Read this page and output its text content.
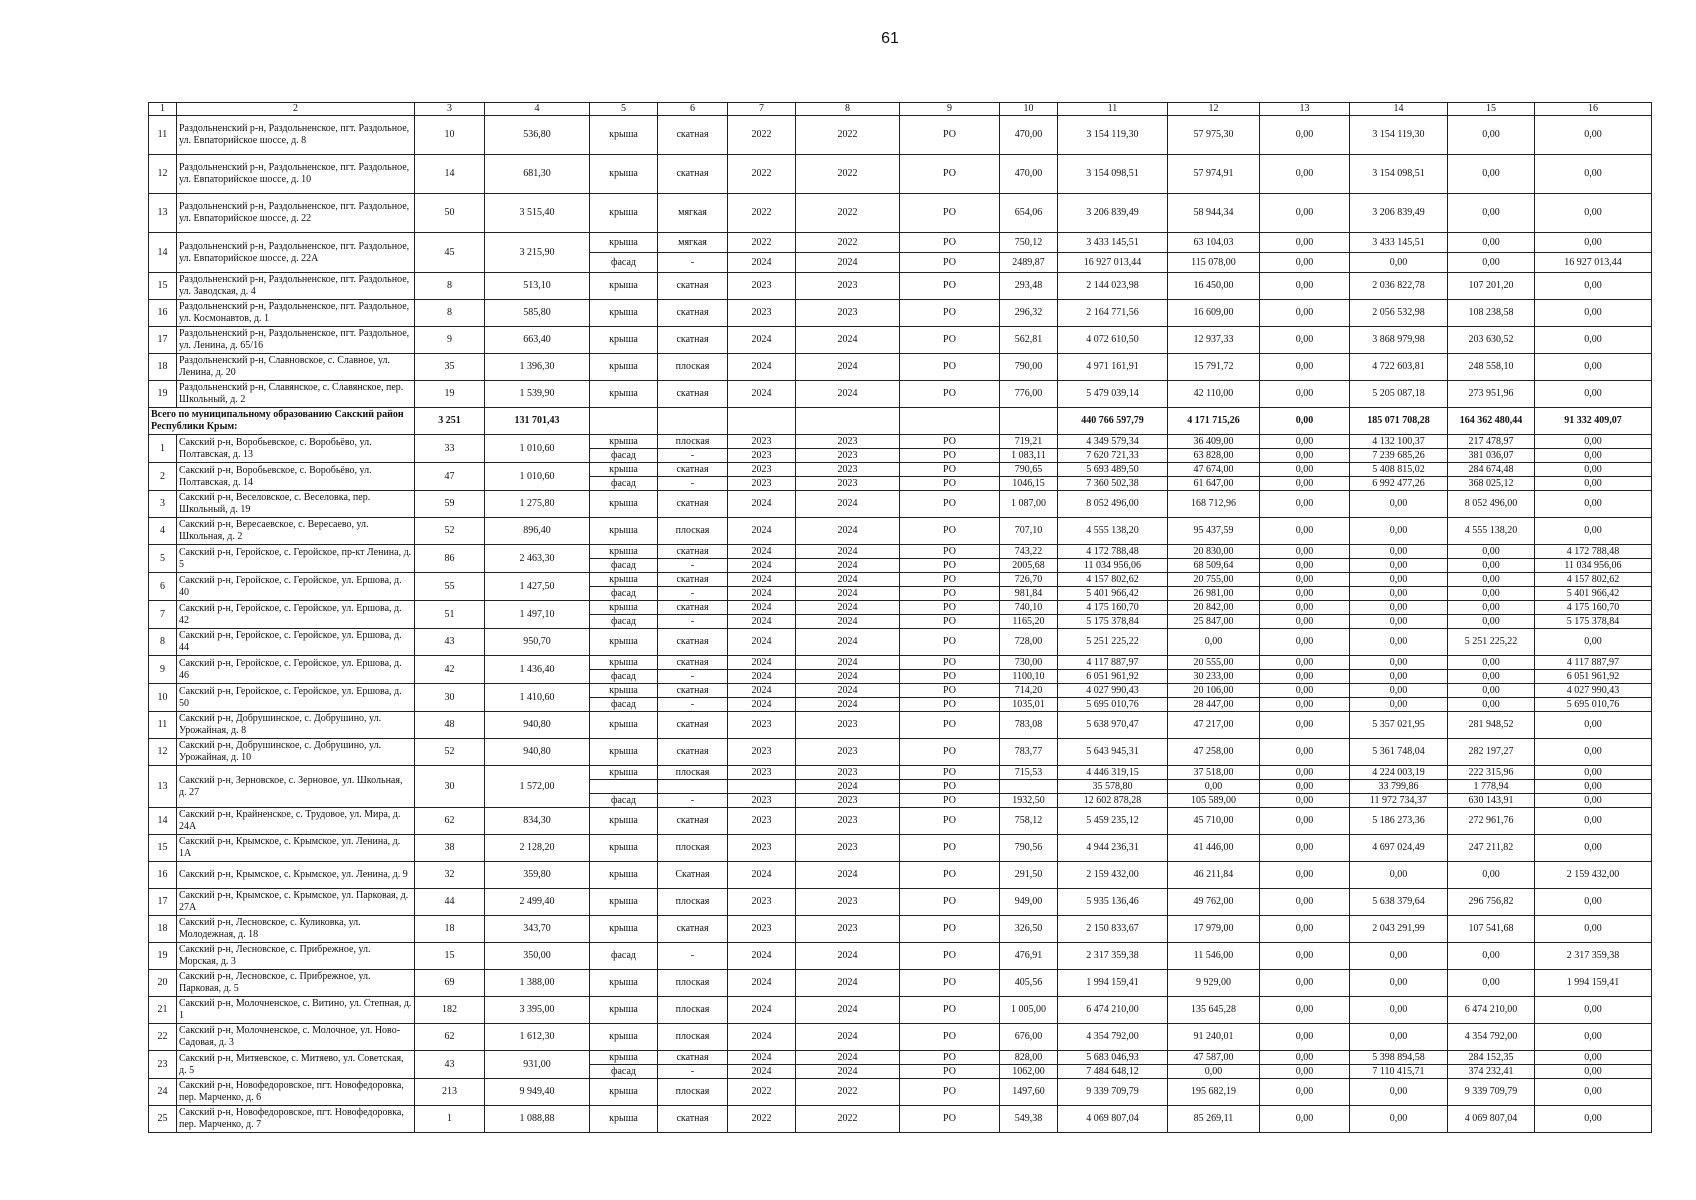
61
1	2	3	4	5	6	7	8	9	10	11	12	13	14	15	16
11	Раздольненский р-н, Раздольненское, пгт. Раздольное, ул. Евпаторийское шоссе, д. 8	10	536,80	крыша	скатная	2022	2022	РО	470,00	3 154 119,30	57 975,30	0,00	3 154 119,30	0,00	0,00
12	Раздольненский р-н, Раздольненское, пгт. Раздольное, ул. Евпаторийское шоссе, д. 10	14	681,30	крыша	скатная	2022	2022	РО	470,00	3 154 098,51	57 974,91	0,00	3 154 098,51	0,00	0,00
13	Раздольненский р-н, Раздольненское, пгт. Раздольное, ул. Евпаторийское шоссе, д. 22	50	3 515,40	крыша	мягкая	2022	2022	РО	654,06	3 206 839,49	58 944,34	0,00	3 206 839,49	0,00	0,00
14	Раздольненский р-н, Раздольненское, пгт. Раздольное, ул. Евпаторийское шоссе, д. 22А	45	3 215,90	крыша	мягкая	2022	2022	РО	750,12	3 433 145,51	63 104,03	0,00	3 433 145,51	0,00	0,00
				фасад	-	2024	2024	РО	2489,87	16 927 013,44	115 078,00	0,00	0,00	0,00	16 927 013,44
15	Раздольненский р-н, Раздольненское, пгт. Раздольное, ул. Заводская, д. 4	8	513,10	крыша	скатная	2023	2023	РО	293,48	2 144 023,98	16 450,00	0,00	2 036 822,78	107 201,20	0,00
16	Раздольненский р-н, Раздольненское, пгт. Раздольное, ул. Космонавтов, д. 1	8	585,80	крыша	скатная	2023	2023	РО	296,32	2 164 771,56	16 609,00	0,00	2 056 532,98	108 238,58	0,00
17	Раздольненский р-н, Раздольненское, пгт. Раздольное, ул. Ленина, д. 65/16	9	663,40	крыша	скатная	2024	2024	РО	562,81	4 072 610,50	12 937,33	0,00	3 868 979,98	203 630,52	0,00
18	Раздольненский р-н, Славновское, с. Славное, ул. Ленина, д. 20	35	1 396,30	крыша	плоская	2024	2024	РО	790,00	4 971 161,91	15 791,72	0,00	4 722 603,81	248 558,10	0,00
19	Раздольненский р-н, Славянское, с. Славянское, пер. Школьный, д. 2	19	1 539,90	крыша	скатная	2024	2024	РО	776,00	5 479 039,14	42 110,00	0,00	5 205 087,18	273 951,96	0,00
Всего по муниципальному образованию Сакский район Республики Крым:		3 251	131 701,43							440 766 597,79	4 171 715,26	0,00	185 071 708,28	164 362 480,44	91 332 409,07
1	Сакский р-н, Воробьевское, с. Воробьёво, ул. Полтавская, д. 13	33	1 010,60	крыша	плоская	2023	2023	РО	719,21	4 349 579,34	36 409,00	0,00	4 132 100,37	217 478,97	0,00
				фасад	-	2023	2023	РО	1 083,11	7 620 721,33	63 828,00	0,00	7 239 685,26	381 036,07	0,00
2	Сакский р-н, Воробьевское, с. Воробьёво, ул. Полтавская, д. 14	47	1 010,60	крыша	скатная	2023	2023	РО	790,65	5 693 489,50	47 674,00	0,00	5 408 815,02	284 674,48	0,00
				фасад	-	2023	2023	РО	1046,15	7 360 502,38	61 647,00	0,00	6 992 477,26	368 025,12	0,00
3	Сакский р-н, Веселовское, с. Веселовка, пер. Школьный, д. 19	59	1 275,80	крыша	скатная	2024	2024	РО	1 087,00	8 052 496,00	168 712,96	0,00	0,00	8 052 496,00	0,00
4	Сакский р-н, Вересаевское, с. Вересаево, ул. Школьная, д. 2	52	896,40	крыша	плоская	2024	2024	РО	707,10	4 555 138,20	95 437,59	0,00	0,00	4 555 138,20	0,00
5	Сакский р-н, Геройское, с. Геройское, пр-кт Ленина, д. 5	86	2 463,30	крыша	скатная	2024	2024	РО	743,22	4 172 788,48	20 830,00	0,00	0,00	0,00	4 172 788,48
				фасад	-	2024	2024	РО	2005,68	11 034 956,06	68 509,64	0,00	0,00	0,00	11 034 956,06
6	Сакский р-н, Геройское, с. Геройское, ул. Ершова, д. 40	55	1 427,50	крыша	скатная	2024	2024	РО	726,70	4 157 802,62	20 755,00	0,00	0,00	0,00	4 157 802,62
				фасад	-	2024	2024	РО	981,84	5 401 966,42	26 981,00	0,00	0,00	0,00	5 401 966,42
7	Сакский р-н, Геройское, с. Геройское, ул. Ершова, д. 42	51	1 497,10	крыша	скатная	2024	2024	РО	740,10	4 175 160,70	20 842,00	0,00	0,00	0,00	4 175 160,70
				фасад	-	2024	2024	РО	1165,20	5 175 378,84	25 847,00	0,00	0,00	0,00	5 175 378,84
8	Сакский р-н, Геройское, с. Геройское, ул. Ершова, д. 44	43	950,70	крыша	скатная	2024	2024	РО	728,00	5 251 225,22	0,00	0,00	0,00	5 251 225,22	0,00
9	Сакский р-н, Геройское, с. Геройское, ул. Ершова, д. 46	42	1 436,40	крыша	скатная	2024	2024	РО	730,00	4 117 887,97	20 555,00	0,00	0,00	0,00	4 117 887,97
				фасад	-	2024	2024	РО	1100,10	6 051 961,92	30 233,00	0,00	0,00	0,00	6 051 961,92
10	Сакский р-н, Геройское, с. Геройское, ул. Ершова, д. 50	30	1 410,60	крыша	скатная	2024	2024	РО	714,20	4 027 990,43	20 106,00	0,00	0,00	0,00	4 027 990,43
				фасад	-	2024	2024	РО	1035,01	5 695 010,76	28 447,00	0,00	0,00	0,00	5 695 010,76
11	Сакский р-н, Добрушинское, с. Добрушино, ул. Урожайная, д. 8	48	940,80	крыша	скатная	2023	2023	РО	783,08	5 638 970,47	47 217,00	0,00	5 357 021,95	281 948,52	0,00
12	Сакский р-н, Добрушинское, с. Добрушино, ул. Урожайная, д. 10	52	940,80	крыша	скатная	2023	2023	РО	783,77	5 643 945,31	47 258,00	0,00	5 361 748,04	282 197,27	0,00
13	Сакский р-н, Зерновское, с. Зерновое, ул. Школьная, д. 27	30	1 572,00	крыша	плоская	2023	2023	РО	715,53	4 446 319,15	37 518,00	0,00	4 224 003,19	222 315,96	0,00
							2024	РО		35 578,80	0,00	0,00	33 799,86	1 778,94	0,00
				фасад	-	2023	2023	РО	1932,50	12 602 878,28	105 589,00	0,00	11 972 734,37	630 143,91	0,00
14	Сакский р-н, Крайненское, с. Трудовое, ул. Мира, д. 24А	62	834,30	крыша	скатная	2023	2023	РО	758,12	5 459 235,12	45 710,00	0,00	5 186 273,36	272 961,76	0,00
15	Сакский р-н, Крымское, с. Крымское, ул. Ленина, д. 1А	38	2 128,20	крыша	плоская	2023	2023	РО	790,56	4 944 236,31	41 446,00	0,00	4 697 024,49	247 211,82	0,00
16	Сакский р-н, Крымское, с. Крымское, ул. Ленина, д. 9	32	359,80	крыша	Скатная	2024	2024	РО	291,50	2 159 432,00	46 211,84	0,00	0,00	0,00	2 159 432,00
17	Сакский р-н, Крымское, с. Крымское, ул. Парковая, д. 27А	44	2 499,40	крыша	плоская	2023	2023	РО	949,00	5 935 136,46	49 762,00	0,00	5 638 379,64	296 756,82	0,00
18	Сакский р-н, Лесновское, с. Куликовка, ул. Молодежная, д. 18	18	343,70	крыша	скатная	2023	2023	РО	326,50	2 150 833,67	17 979,00	0,00	2 043 291,99	107 541,68	0,00
19	Сакский р-н, Лесновское, с. Прибрежное, ул. Морская, д. 3	15	350,00	фасад	-	2024	2024	РО	476,91	2 317 359,38	11 546,00	0,00	0,00	0,00	2 317 359,38
20	Сакский р-н, Лесновское, с. Прибрежное, ул. Парковая, д. 5	69	1 388,00	крыша	плоская	2024	2024	РО	405,56	1 994 159,41	9 929,00	0,00	0,00	0,00	1 994 159,41
21	Сакский р-н, Молочненское, с. Витино, ул. Степная, д. 1	182	3 395,00	крыша	плоская	2024	2024	РО	1 005,00	6 474 210,00	135 645,28	0,00	0,00	6 474 210,00	0,00
22	Сакский р-н, Молочненское, с. Молочное, ул. Ново-Садовая, д. 3	62	1 612,30	крыша	плоская	2024	2024	РО	676,00	4 354 792,00	91 240,01	0,00	0,00	4 354 792,00	0,00
23	Сакский р-н, Митяевское, с. Митяево, ул. Советская, д. 5	43	931,00	крыша	скатная	2024	2024	РО	828,00	5 683 046,93	47 587,00	0,00	5 398 894,58	284 152,35	0,00
				фасад	-	2024	2024	РО	1062,00	7 484 648,12	0,00	0,00	7 110 415,71	374 232,41	0,00
24	Сакский р-н, Новофедоровское, пгт. Новофедоровка, пер. Марченко, д. 6	213	9 949,40	крыша	плоская	2022	2022	РО	1497,60	9 339 709,79	195 682,19	0,00	0,00	9 339 709,79	0,00
25	Сакский р-н, Новофедоровское, пгт. Новофедоровка, пер. Марченко, д. 7	1	1 088,88	крыша	скатная	2022	2022	РО	549,38	4 069 807,04	85 269,11	0,00	0,00	4 069 807,04	0,00
